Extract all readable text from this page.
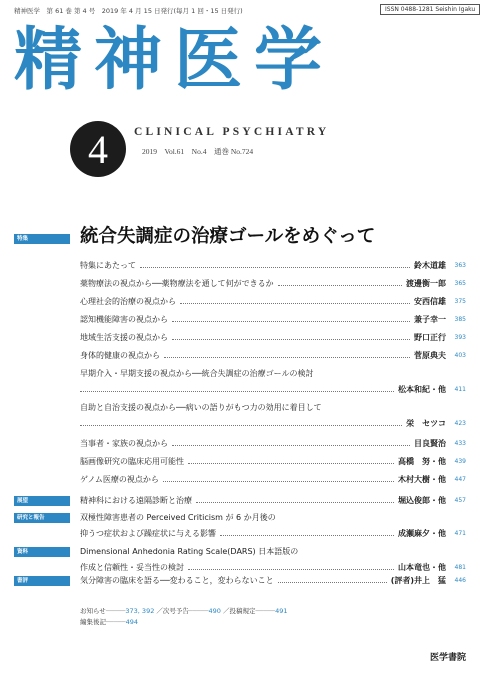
精神医学　第 61 巻 第 4 号　2019 年 4 月 15 日発行(毎月 1 回・15 日発行)	ISSN 0488-1281 Seishin Igaku
精神医学
4	CLINICAL PSYCHIATRY
2019　Vol.61　No.4　通巻 No.724
特集	統合失調症の治療ゴールをめぐって
特集にあたって	鈴木道雄 363
薬物療法の視点から──薬物療法を通して何ができるか	渡邊衡一郎 365
心理社会的治療の視点から	安西信雄 375
認知機能障害の視点から	兼子幸一 385
地域生活支援の視点から	野口正行 393
身体的健康の視点から	菅原典夫 403
早期介入・早期支援の視点から──統合失調症の治療ゴールの検討
松本和紀・他 411
自助と自治支援の視点から──病いの語りがもつ力の効用に着目して
栄　セツコ 423
当事者・家族の視点から	目良賢治 433
脳画像研究の臨床応用可能性	高橋　努・他 439
ゲノム医療の視点から	木村大樹・他 447
展望	精神科における遠隔診断と治療	堀込俊郎・他 457
研究と報告	双極性障害患者の Perceived Criticism が 6 か月後の
抑うつ症状および躁症状に与える影響	成瀬麻夕・他 471
資料	Dimensional Anhedonia Rating Scale(DARS) 日本語版の
作成と信頼性・妥当性の検討	山本竜也・他 481
書評	気分障害の臨床を語る──変わること，変わらないこと	(評者)井上　猛 446
お知らせ─────373, 392 ／次号予告─────490 ／投稿規定─────491
編集後記─────494
医学書院
